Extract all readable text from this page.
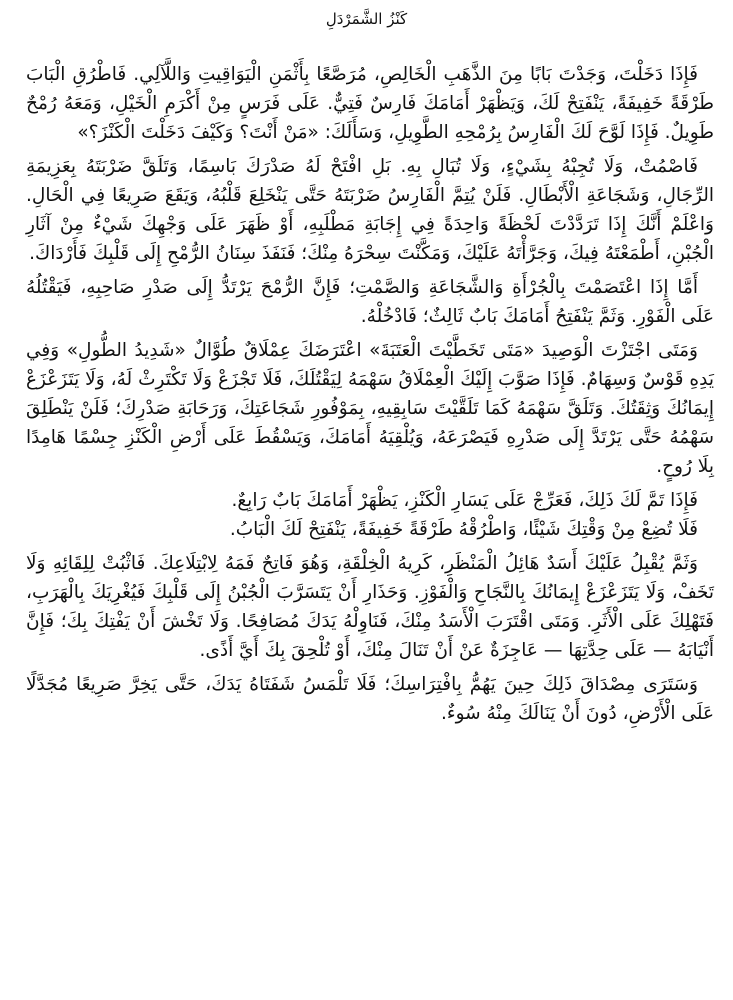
كَنْزُ الشَّمَرْدَلِ

فَإِذَا دَخَلْتَ، وَجَدْتَ بَابًا مِنَ الذَّهَبِ الْخَالِصِ، مُرَصَّعًا بِأَثْمَنِ الْيَوَاقِيتِ وَاللَّآلِي. فَاطْرُقِ الْبَابَ طَرْقَةً خَفِيفَةً، يَنْفَتِحْ لَكَ، وَيَظْهَرْ أَمَامَكَ فَارِسٌ فَتِيٌّ. عَلَى فَرَسٍ مِنْ أَكْرَمِ الْخَيْلِ، وَمَعَهُ رُمْحٌ طَوِيلٌ. فَإِذَا لَوَّحَ لَكَ الْفَارِسُ بِرُمْحِهِ الطَّوِيلِ، وَسَأَلَكَ: «مَنْ أَنْتَ؟ وَكَيْفَ دَخَلْتَ الْكَنْزَ؟»

فَاصْمُتْ، وَلَا تُجِبْهُ بِشَيْءٍ، وَلَا تُبَالِ بِهِ. بَلِ افْتَحْ لَهُ صَدْرَكَ بَاسِمًا، وَتَلَقَّ ضَرْبَتَهُ بِعَزِيمَةِ الرِّجَالِ، وَشَجَاعَةِ الْأَبْطَالِ. فَلَنْ يُتِمَّ الْفَارِسُ ضَرْبَتَهُ حَتَّى يَنْخَلِعَ قَلْبُهُ، وَيَقَعَ صَرِيعًا فِي الْحَالِ. وَاعْلَمْ أَنَّكَ إِذَا تَرَدَّدْتَ لَحْظَةً وَاحِدَةً فِي إِجَابَةِ مَطْلَبِهِ، أَوْ ظَهَرَ عَلَى وَجْهِكَ شَيْءٌ مِنْ آثَارِ الْجُبْنِ، أَطْمَعْتَهُ فِيكَ، وَجَرَّأْتَهُ عَلَيْكَ، وَمَكَّنْتَ سِحْرَهُ مِنْكَ؛ فَنَفَذَ سِنَانُ الرُّمْحِ إِلَى قَلْبِكَ فَأَرْدَاكَ.

أَمَّا إِذَا اعْتَصَمْتَ بِالْجُرْأَةِ وَالشَّجَاعَةِ وَالصَّمْتِ؛ فَإِنَّ الرُّمْحَ يَرْتَدُّ إِلَى صَدْرِ صَاحِبِهِ، فَيَقْتُلُهُ عَلَى الْفَوْرِ. وَثَمَّ يَنْفَتِحُ أَمَامَكَ بَابٌ ثَالِثٌ؛ فَادْخُلْهُ.

وَمَتَى اجْتَزْتَ الْوَصِيدَ «مَتَى تَخَطَّيْتَ الْعَتَبَةَ» اعْتَرَضَكَ عِمْلَاقٌ طُوَّالٌ «شَدِيدُ الطُّولِ» وَفِي يَدِهِ قَوْسٌ وَسِهَامٌ. فَإِذَا صَوَّبَ إِلَيْكَ الْعِمْلَاقُ سَهْمَهُ لِيَقْتُلَكَ، فَلَا تَجْزَعْ وَلَا تَكْتَرِثْ لَهُ، وَلَا يَتَزَعْزَعْ إِيمَانُكَ وَثِقَتُكَ. وَتَلَقَّ سَهْمَهُ كَمَا تَلَقَّيْتَ سَابِقِيهِ، بِمَوْفُورِ شَجَاعَتِكَ، وَرَحَابَةِ صَدْرِكَ؛ فَلَنْ يَنْطَلِقَ سَهْمُهُ حَتَّى يَرْتَدَّ إِلَى صَدْرِهِ فَيَصْرَعَهُ، وَيُلْقِيَهُ أَمَامَكَ، وَيَسْقُطَ عَلَى أَرْضِ الْكَنْزِ جِسْمًا هَامِدًا بِلَا رُوحٍ.

فَإِذَا تَمَّ لَكَ ذَلِكَ، فَعَرِّجْ عَلَى يَسَارِ الْكَنْزِ، يَظْهَرْ أَمَامَكَ بَابٌ رَابِعٌ.

فَلَا تُضِعْ مِنْ وَقْتِكَ شَيْئًا، وَاطْرُقْهُ طَرْقَةً خَفِيفَةً، يَنْفَتِحْ لَكَ الْبَابُ.

وَثَمَّ يُقْبِلُ عَلَيْكَ أَسَدٌ هَائِلُ الْمَنْظَرِ، كَرِيهُ الْخِلْقَةِ، وَهُوَ فَاتِحٌ فَمَهُ لِابْتِلَاعِكَ. فَاثْبُتْ لِلِقَائِهِ وَلَا تَخَفْ، وَلَا يَتَزَعْزَعْ إِيمَانُكَ بِالنَّجَاحِ وَالْفَوْزِ. وَحَذَارِ أَنْ يَتَسَرَّبَ الْجُبْنُ إِلَى قَلْبِكَ فَيُغْرِيَكَ بِالْهَرَبِ، فَتَهْلِكَ عَلَى الْأَثَرِ. وَمَتَى اقْتَرَبَ الْأَسَدُ مِنْكَ، فَنَاوِلْهُ يَدَكَ مُصَافِحًا. وَلَا تَخْشَ أَنْ يَفْتِكَ بِكَ؛ فَإِنَّ أَنْيَابَهُ — عَلَى حِدَّتِهَا — عَاجِزَةٌ عَنْ أَنْ تَنَالَ مِنْكَ، أَوْ تُلْحِقَ بِكَ أَيَّ أَذًى.

وَسَتَرَى مِصْدَاقَ ذَلِكَ حِينَ يَهُمُّ بِافْتِرَاسِكَ؛ فَلَا تَلْمَسُ شَفَتَاهُ يَدَكَ، حَتَّى يَخِرَّ صَرِيعًا مُجَدَّلًا عَلَى الْأَرْضِ، دُونَ أَنْ يَنَالَكَ مِنْهُ سُوءٌ.
